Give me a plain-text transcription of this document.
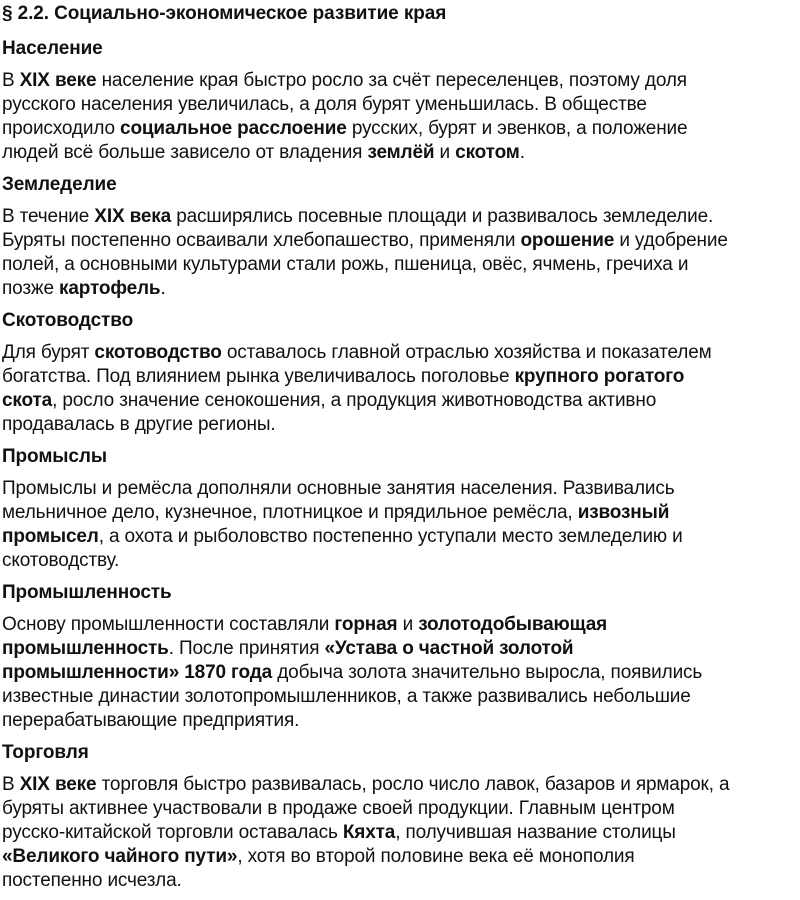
§ 2.2. Социально-экономическое развитие края
Население
В XIX веке население края быстро росло за счёт переселенцев, поэтому доля
русского населения увеличилась, а доля бурят уменьшилась. В обществе
происходило социальное расслоение русских, бурят и эвенков, а положение
людей всё больше зависело от владения землёй и скотом.
Земледелие
В течение XIX века расширялись посевные площади и развивалось земледелие.
Буряты постепенно осваивали хлебопашество, применяли орошение и удобрение
полей, а основными культурами стали рожь, пшеница, овёс, ячмень, гречиха и
позже картофель.
Скотоводство
Для бурят скотоводство оставалось главной отраслью хозяйства и показателем
богатства. Под влиянием рынка увеличивалось поголовье крупного рогатого
скота, росло значение сенокошения, а продукция животноводства активно
продавалась в другие регионы.
Промыслы
Промыслы и ремёсла дополняли основные занятия населения. Развивались
мельничное дело, кузнечное, плотницкое и прядильное ремёсла, извозный
промысел, а охота и рыболовство постепенно уступали место земледелию и
скотоводству.
Промышленность
Основу промышленности составляли горная и золотодобывающая
промышленность. После принятия «Устава о частной золотой
промышленности» 1870 года добыча золота значительно выросла, появились
известные династии золотопромышленников, а также развивались небольшие
перерабатывающие предприятия.
Торговля
В XIX веке торговля быстро развивалась, росло число лавок, базаров и ярмарок, а
буряты активнее участвовали в продаже своей продукции. Главным центром
русско-китайской торговли оставалась Кяхта, получившая название столицы
«Великого чайного пути», хотя во второй половине века её монополия
постепенно исчезла.
